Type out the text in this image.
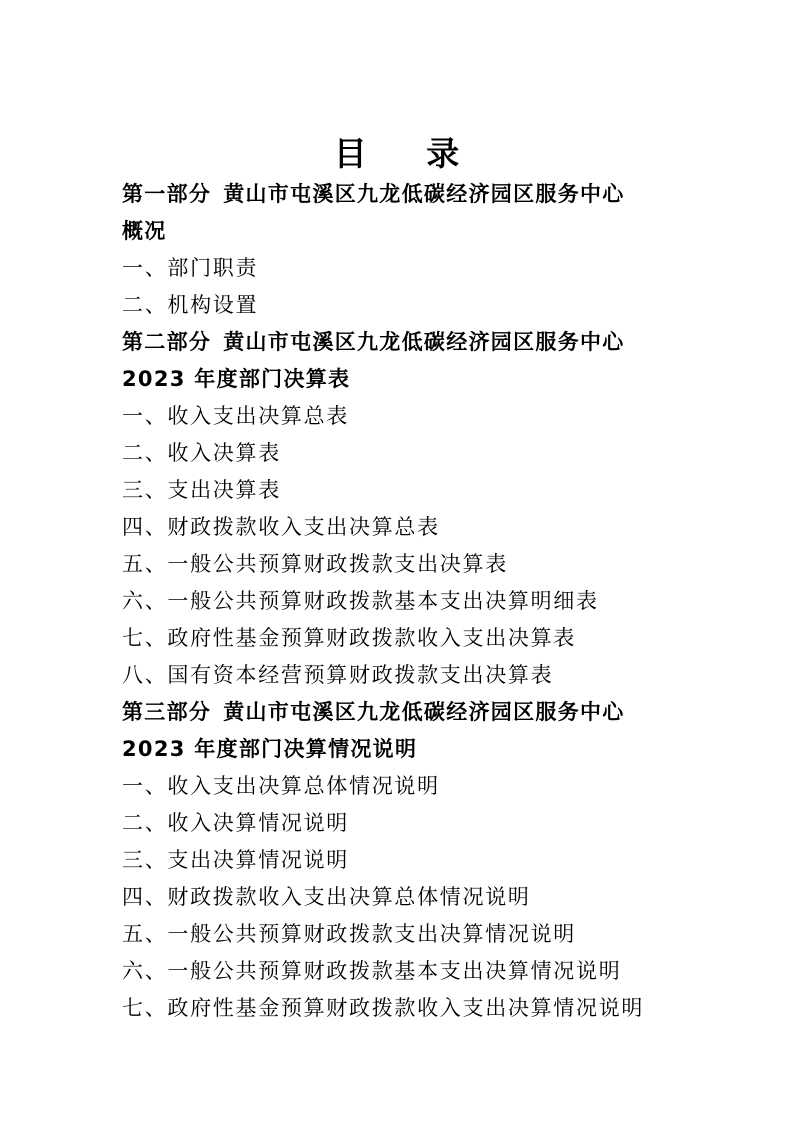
目 录
第一部分 黄山市屯溪区九龙低碳经济园区服务中心
概况
一、部门职责
二、机构设置
第二部分 黄山市屯溪区九龙低碳经济园区服务中心
2023 年度部门决算表
一、收入支出决算总表
二、收入决算表
三、支出决算表
四、财政拨款收入支出决算总表
五、一般公共预算财政拨款支出决算表
六、一般公共预算财政拨款基本支出决算明细表
七、政府性基金预算财政拨款收入支出决算表
八、国有资本经营预算财政拨款支出决算表
第三部分 黄山市屯溪区九龙低碳经济园区服务中心
2023 年度部门决算情况说明
一、收入支出决算总体情况说明
二、收入决算情况说明
三、支出决算情况说明
四、财政拨款收入支出决算总体情况说明
五、一般公共预算财政拨款支出决算情况说明
六、一般公共预算财政拨款基本支出决算情况说明
七、政府性基金预算财政拨款收入支出决算情况说明
